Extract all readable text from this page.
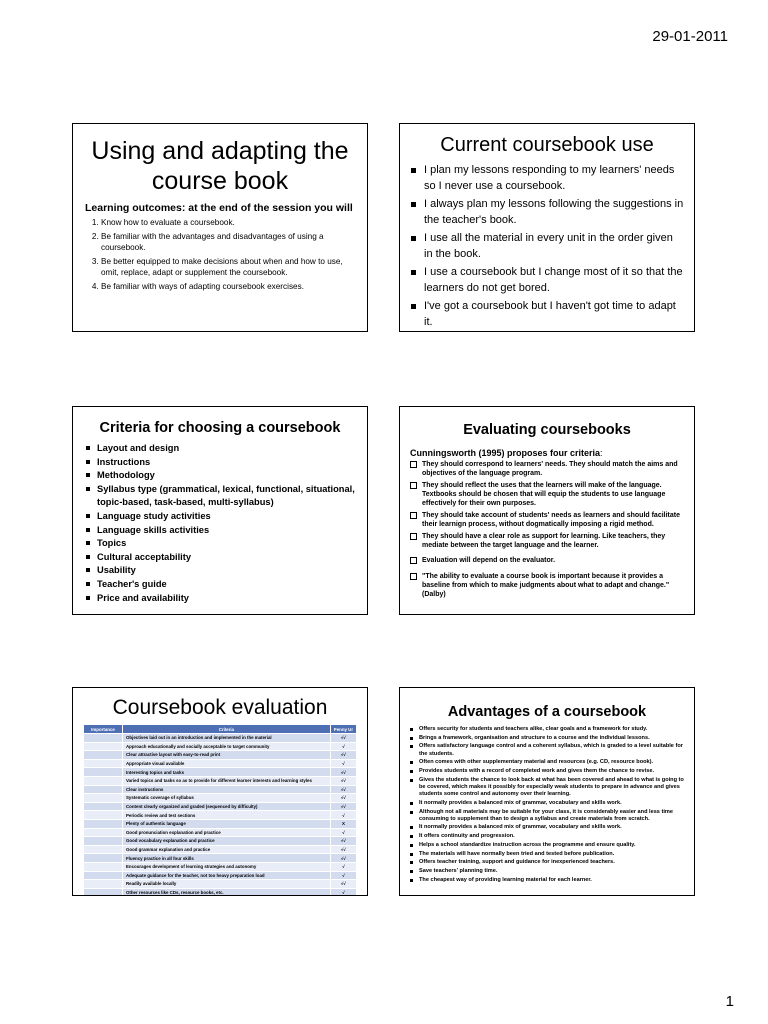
29-01-2011
Using and adapting the course book
Learning outcomes: at the end of the session you will
1. Know how to evaluate a coursebook.
2. Be familiar with the advantages and disadvantages of using a coursebook.
3. Be better equipped to make decisions about when and how to use, omit, replace, adapt or supplement the coursebook.
4. Be familiar with ways of adapting coursebook exercises.
Current coursebook use
I plan my lessons responding to my learners' needs so I never use a coursebook.
I always plan my lessons following the suggestions in the teacher's book.
I use all the material in every unit in the order given in the book.
I use a coursebook but I change most of it so that the learners do not get bored.
I've got a coursebook but I haven't got time to adapt it.
Criteria for choosing a coursebook
Layout and design
Instructions
Methodology
Syllabus type (grammatical, lexical, functional, situational, topic-based, task-based, multi-syllabus)
Language study activities
Language skills activities
Topics
Cultural acceptability
Usability
Teacher's guide
Price and availability
Evaluating coursebooks
Cunningsworth (1995) proposes four criteria:
They should correspond to learners' needs. They should match the aims and objectives of the language program.
They should reflect the uses that the learners will make of the language. Textbooks should be chosen that will equip the students to use language effectively for their own purposes.
They should take account of students' needs as learners and should facilitate their learnign process, without dogmatically imposing a rigid method.
They should have a clear role as support for learning. Like teachers, they mediate between the target language and the learner.
Evaluation will depend on the evaluator.
"The ability to evaluate a course book is important because it provides a baseline from which to make judgments about what to adapt and change." (Dalby)
Coursebook evaluation
Importance	Criteria	Penny Ur
	Objectives laid out in an introduction and implemented in the material	√√
	Approach educationally and socially acceptable to target community	√
	Clear attractive layout with easy-to-read print	√√
	Appropriate visual available	√
	Interesting topics and tasks	√√
	Varied topics and tasks so as to provide for different learner interests and learning styles	√√
	Clear instructions	√√
	Systematic coverage of syllabus	√√
	Content clearly organized and graded (sequenced by difficulty)	√√
	Periodic review and test sections	√
	Plenty of authentic language	X
	Good pronunciation explanation and practice	√
	Good vocabulary explanation and practice	√√
	Good grammar explanation and practice	√√
	Fluency practice in all four skills	√√
	Encourages development of learning strategies and autonomy	√
	Adequate guidance for the teacher, not too heavy preparation load	√
	Readily available locally	√√
	Other resources like CDs, resource books, etc.	√
Advantages of a coursebook
Offers security for students and teachers alike, clear goals and a framework for study.
Brings a framework, organisation and structure to a course and the individual lessons.
Offers satisfactory language control and a coherent syllabus, which is graded to a level suitable for the students.
Often comes with other supplementary material and resources (e.g. CD, resource book).
Provides students with a record of completed work and gives them the chance to revise.
Gives the students the chance to look back at what has been covered and ahead to what is going to be covered, which makes it possibly for especially weak students to prepare in advance and gives students some control and autonomy over their learning.
It normally provides a balanced mix of grammar, vocabulary and skills work.
Although not all materials may be suitable for your class, it is considerably easier and less time consuming to supplement than to design a syllabus and create materials from scratch.
It normally provides a balanced mix of grammar, vocabulary and skills work.
It offers continuity and progression.
Helps a school standardize instruction across the programme and ensure quality.
The materials will have normally been tried and tested before publication.
Offers teacher training, support and guidance for inexperienced teachers.
Save teachers' planning time.
The cheapest way of providing learning material for each learner.
1
